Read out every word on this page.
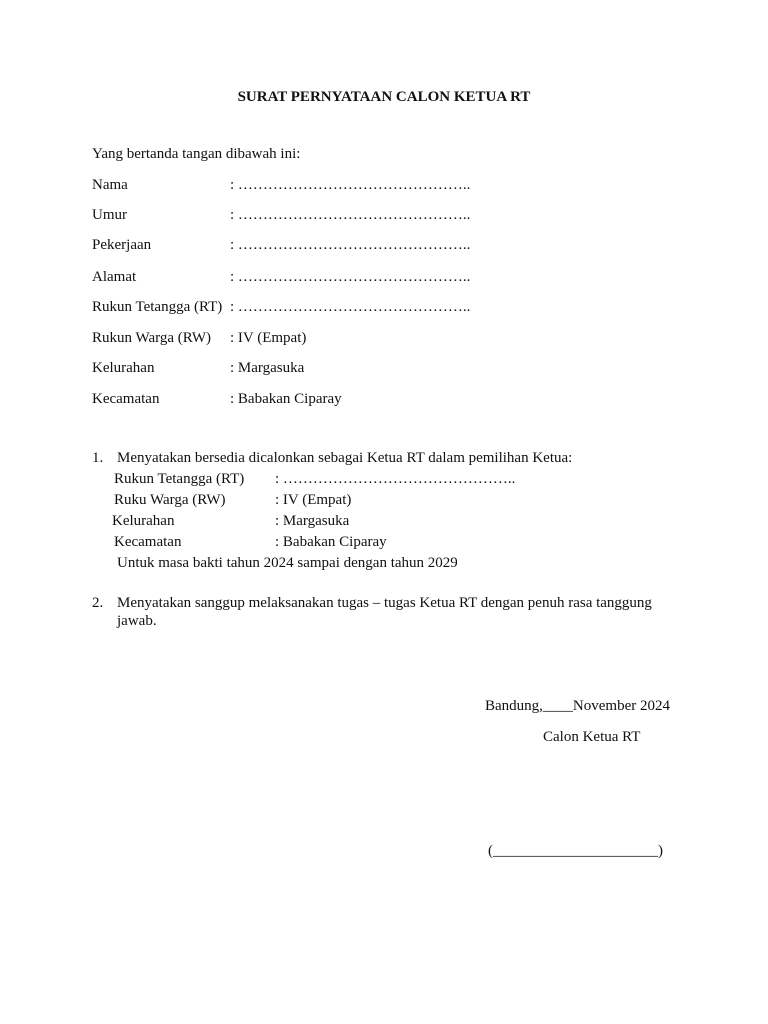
SURAT PERNYATAAN CALON KETUA RT
Yang bertanda tangan dibawah ini:
Nama	: ………………………………………..
Umur	: ………………………………………..
Pekerjaan	: ………………………………………..
Alamat	: ………………………………………..
Rukun Tetangga (RT) : ………………………………………..
Rukun Warga (RW) : IV (Empat)
Kelurahan	: Margasuka
Kecamatan	: Babakan Ciparay
1. Menyatakan bersedia dicalonkan sebagai Ketua RT dalam pemilihan Ketua:
Rukun Tetangga (RT) : ………………………………………..
Ruku Warga (RW)	: IV (Empat)
Kelurahan	: Margasuka
Kecamatan	: Babakan Ciparay
Untuk masa bakti tahun 2024 sampai dengan tahun 2029
2. Menyatakan sanggup melaksanakan tugas – tugas Ketua RT dengan penuh rasa tanggung
jawab.
Bandung,____November 2024
Calon Ketua RT
(______________________)
